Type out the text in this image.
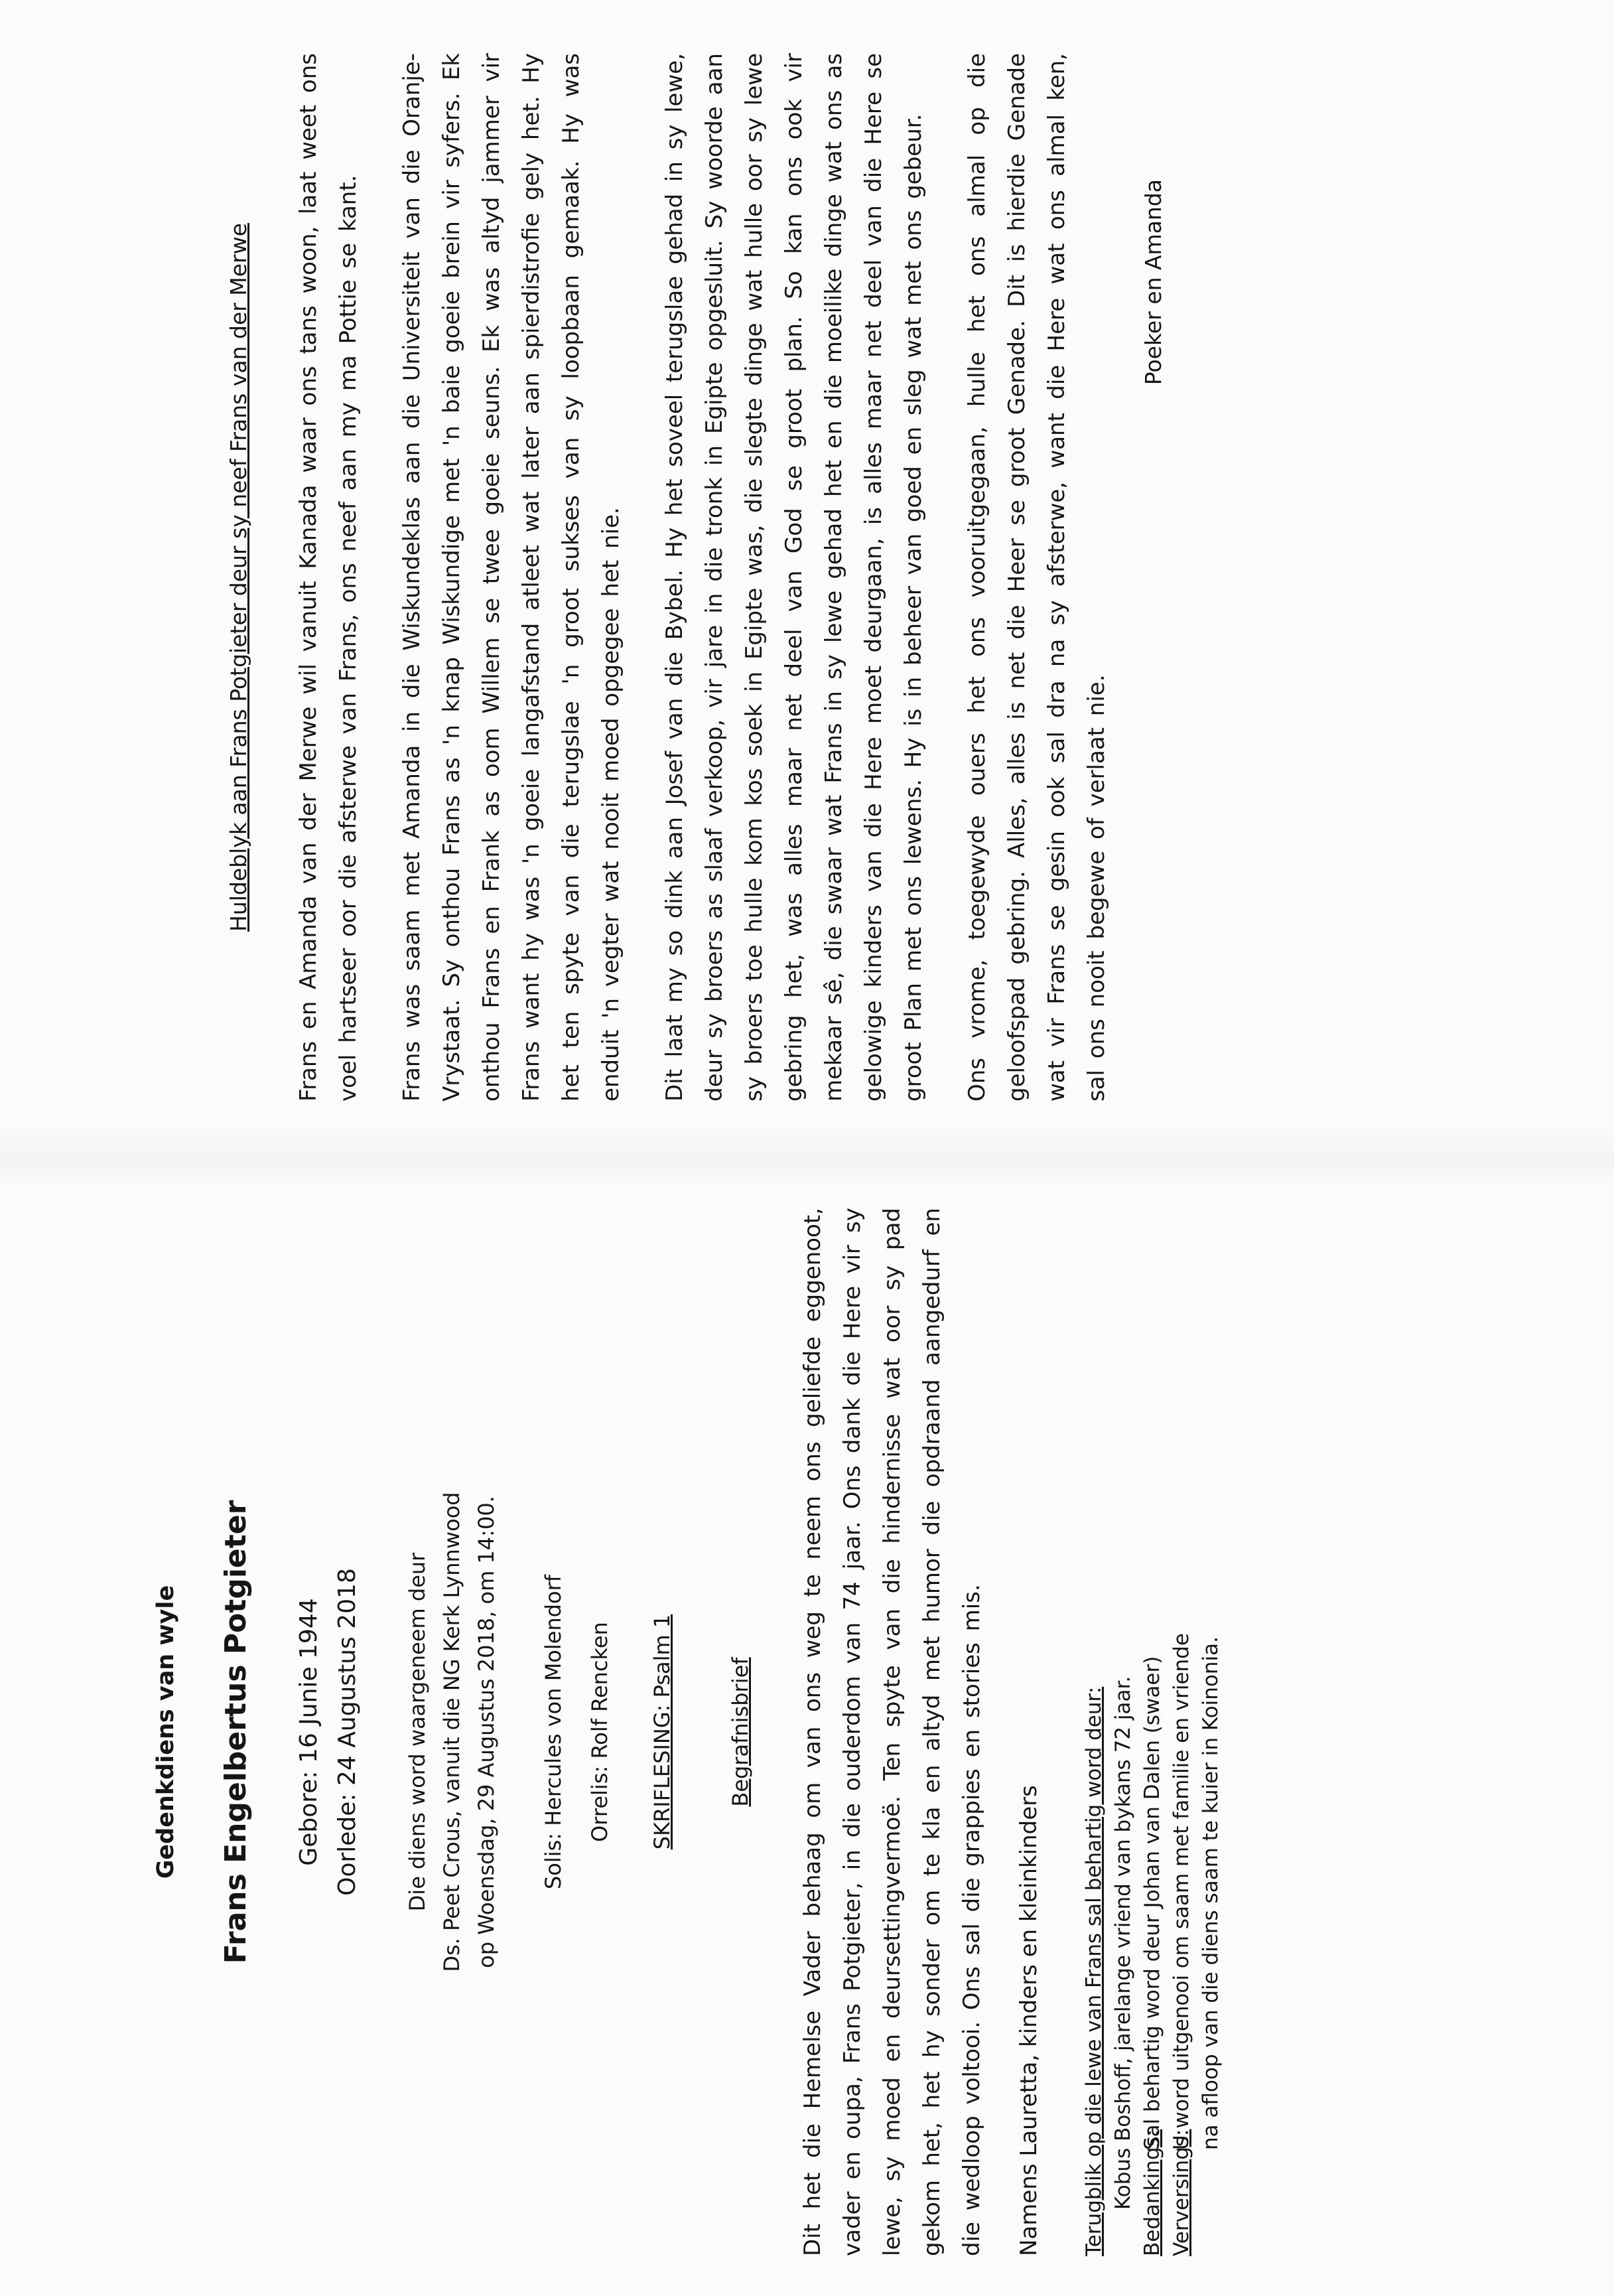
Huldeblyk aan Frans Potgieter deur sy neef Frans van der Merwe Frans en Amanda van der Merwe wil vanuit Kanada waar ons tans woon, laat weet ons voel hartseer oor die afsterwe van Frans, ons neef aan my ma Pottie se kant. Frans was saam met Amanda in die Wiskundeklas aan die Universiteit van die Oranje-Vrystaat. Sy onthou Frans as 'n knap Wiskundige met 'n baie goeie brein vir syfers. Ek onthou Frans en Frank as oom Willem se twee goeie seuns. Ek was altyd jammer vir Frans want hy was 'n goeie langafstand atleet wat later aan spierdistrofie gely het. Hy het ten spyte van die terugslae 'n groot sukses van sy loopbaan gemaak. Hy was enduit 'n vegter wat nooit moed opgegee het nie. Dit laat my so dink aan Josef van die Bybel. Hy het soveel terugslae gehad in sy lewe, deur sy broers as slaaf verkoop, vir jare in die tronk in Egipte opgesluit. Sy woorde aan sy broers toe hulle kom kos soek in Egipte was, die slegte dinge wat hulle oor sy lewe gebring het, was alles maar net deel van God se groot plan. So kan ons ook vir mekaar sê, die swaar wat Frans in sy lewe gehad het en die moeilike dinge wat ons as gelowige kinders van die Here moet deurgaan, is alles maar net deel van die Here se groot Plan met ons lewens. Hy is in beheer van goed en sleg wat met ons gebeur. Ons vrome, toegewyde ouers het ons vooruitgegaan, hulle het ons almal op die geloofspad gebring. Alles, alles is net die Heer se groot Genade. Dit is hierdie Genade wat vir Frans se gesin ook sal dra na sy afsterwe, want die Here wat ons almal ken, sal ons nooit begewe of verlaat nie.

Poeker en Amanda
Gedenkdiens van wyle Frans Engelbertus Potgieter Gebore: 16 Junie 1944 Oorlede: 24 Augustus 2018 Die diens word waargeneem deur Ds. Peet Crous, vanuit die NG Kerk Lynnwood op Woensdag, 29 Augustus 2018, om 14:00.	Solis: Hercules von Molendorf	Orrelis: Rolf Rencken	SKRIFLESING: Psalm 1	Begrafnisbrief Dit het die Hemelse Vader behaag om van ons weg te neem ons geliefde eggenoot, vader en oupa, Frans Potgieter, in die ouderdom van 74 jaar. Ons dank die Here vir sy lewe, sy moed en deursettingvermoë. Ten spyte van die hindernisse wat oor sy pad gekom het, het hy sonder om te kla en altyd met humor die opdraand aangedurf en die wedloop voltooi. Ons sal die grappies en stories mis. Namens Lauretta, kinders en kleinkinders Terugblik op die lewe van Frans sal behartig word deur: Kobus Boshoff, jarelange vriend van bykans 72 jaar. Bedankings:
Sal behartig word deur Johan van Dalen (swaer)
Verversings:
U word uitgenooi om saam met familie en vriende na afloop van die diens saam te kuier in Koinonia.
